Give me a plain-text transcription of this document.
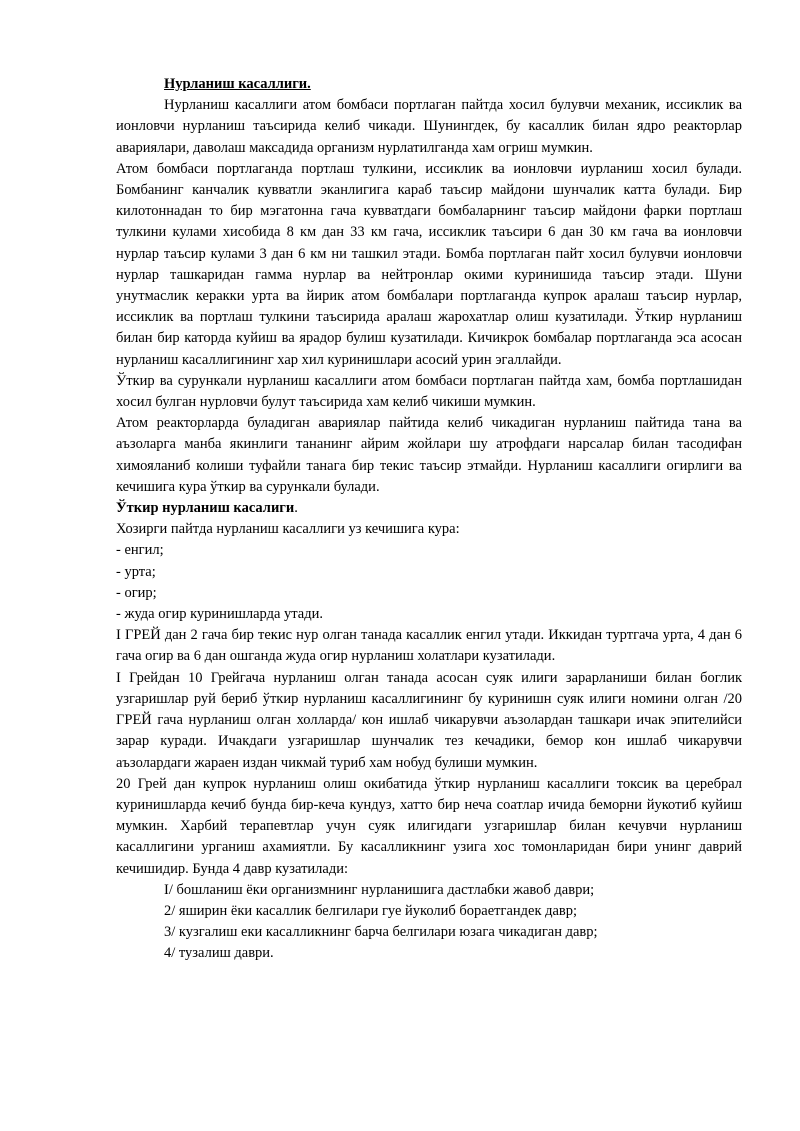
Нурланиш касаллиги.

Нурланиш касаллиги атом бомбаси портлаган пайтда хосил булувчи механик, иссиклик ва ионловчи нурланиш таъсирида келиб чикади. Шунингдек, бу касаллик билан ядро реакторлар авариялари, даволаш максадида организм нурлатилганда хам огриш мумкин.

Атом бомбаси портлаганда портлаш тулкини, иссиклик ва ионловчи иурланиш хосил булади. Бомбанинг канчалик кувватли эканлигига караб таъсир майдони шунчалик катта булади. Бир килотоннадан то бир мэгатонна гача кувватдаги бомбаларнинг таъсир майдони фарки портлаш тулкини кулами хисобида 8 км дан 33 км гача, иссиклик таъсири 6 дан 30 км гача ва ионловчи нурлар таъсир кулами 3 дан 6 км ни ташкил этади. Бомба портлаган пайт хосил булувчи ионловчи нурлар ташкаридан гамма нурлар ва нейтронлар окими куринишида таъсир этади. Шуни унутмаслик керакки урта ва йирик атом бомбалари портлаганда купрок аралаш таъсир нурлар, иссиклик ва портлаш тулкини таъсирида аралаш жарохатлар олиш кузатилади. Ўткир нурланиш билан бир каторда куйиш ва ярадор булиш кузатилади. Кичикрок бомбалар портлаганда эса асосан нурланиш касаллигининг хар хил куринишлари асосий урин эгаллайди.

Ўткир ва сурункали нурланиш касаллиги атом бомбаси портлаган пайтда хам, бомба портлашидан хосил булган нурловчи булут таъсирида хам келиб чикиши мумкин.

Атом реакторларда буладиган авариялар пайтида келиб чикадиган нурланиш пайтида тана ва аъзоларга манба якинлиги тананинг айрим жойлари шу атрофдаги нарсалар билан тасодифан химояланиб колиши туфайли танага бир текис таъсир этмайди. Нурланиш касаллиги огирлиги ва кечишига кура ўткир ва сурункали булади.

Ўткир нурланиш касалиги.

Хозирги пайтда нурланиш касаллиги уз кечишига кура:

- енгил;

- урта;

- огир;

- жуда огир куринишларда утади.

I ГРЕЙ дан 2 гача бир текис нур олган танада касаллик енгил утади. Иккидан туртгача урта, 4 дан 6 гача огир ва 6 дан ошганда жуда огир нурланиш холатлари кузатилади.

I Грейдан 10 Грейгача нурланиш олган танада асосан суяк илиги зарарланиши билан боглик узгаришлар руй бериб ўткир нурланиш касаллигининг бу куринишн суяк илиги номини олган /20 ГРЕЙ гача нурланиш олган холларда/ кон ишлаб чикарувчи аъзолардан ташкари ичак эпителийси зарар куради. Ичакдаги узгаришлар шунчалик тез кечадики, бемор кон ишлаб чикарувчи аъзолардаги жараен издан чикмай туриб хам нобуд булиши мумкин.

20 Грей дан купрок нурланиш олиш окибатида ўткир нурланиш касаллиги токсик ва церебрал куринишларда кечиб бунда бир-кеча кундуз, хатто бир неча соатлар ичида беморни йукотиб куйиш мумкин. Харбий терапевтлар учун суяк илигидаги узгаришлар билан кечувчи нурланиш касаллигини урганиш ахамиятли. Бу касалликнинг узига хос томонларидан бири унинг даврий кечишидир. Бунда 4 давр кузатилади:

I/ бошланиш ёки организмнинг нурланишига дастлабки жавоб даври;

2/ яширин ёки касаллик белгилари гуе йуколиб бораетгандек давр;

3/ кузгалиш еки касалликнинг барча белгилари юзага чикадиган давр;

4/ тузалиш даври.
